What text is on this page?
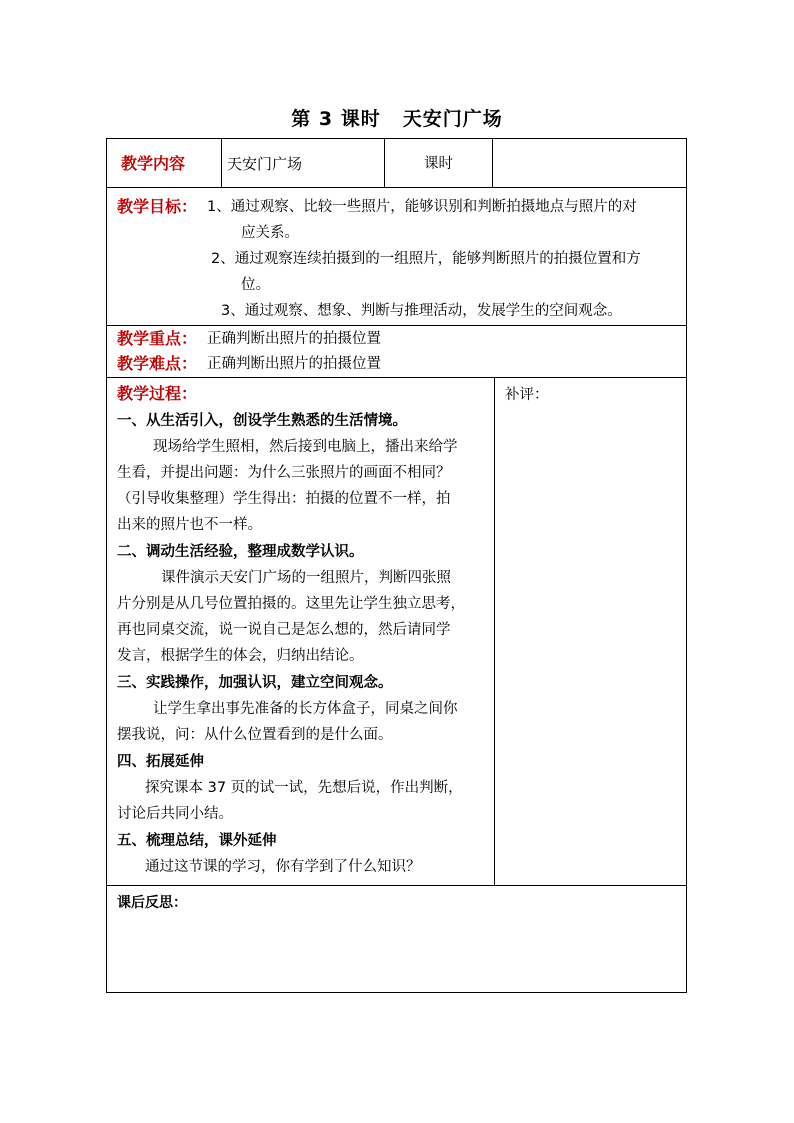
第 3 课时 天安门广场
教学内容	天安门广场	课时
教学目标： 1、通过观察、比较一些照片，能够识别和判断拍摄地点与照片的对
应关系。
2、通过观察连续拍摄到的一组照片，能够判断照片的拍摄位置和方
位。
3、通过观察、想象、判断与推理活动，发展学生的空间观念。
教学重点： 正确判断出照片的拍摄位置
教学难点： 正确判断出照片的拍摄位置
教学过程：	补评：
一、从生活引入，创设学生熟悉的生活情境。
现场给学生照相，然后接到电脑上，播出来给学
生看，并提出问题：为什么三张照片的画面不相同？
（引导收集整理）学生得出：拍摄的位置不一样，拍
出来的照片也不一样。
二、调动生活经验，整理成数学认识。
课件演示天安门广场的一组照片，判断四张照
片分别是从几号位置拍摄的。这里先让学生独立思考，
再也同桌交流，说一说自己是怎么想的，然后请同学
发言，根据学生的体会，归纳出结论。
三、实践操作，加强认识，建立空间观念。
让学生拿出事先准备的长方体盒子，同桌之间你
摆我说，问：从什么位置看到的是什么面。
四、拓展延伸
探究课本 37 页的试一试，先想后说，作出判断，
讨论后共同小结。
五、梳理总结，课外延伸
通过这节课的学习，你有学到了什么知识？
课后反思：
